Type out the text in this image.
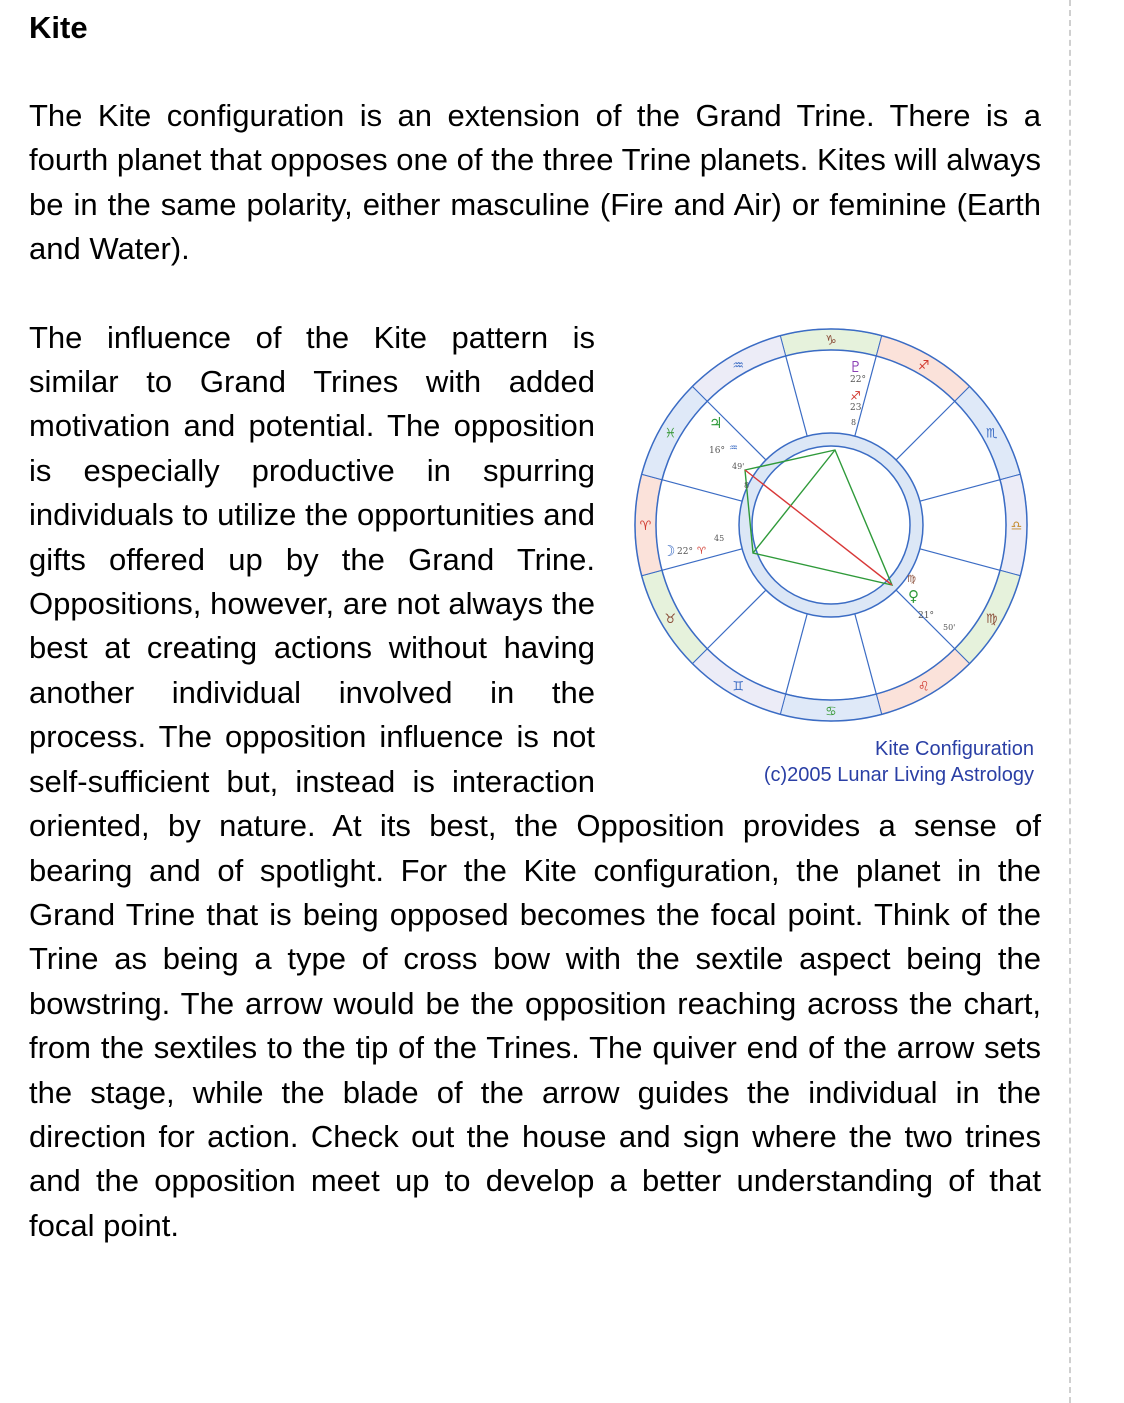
Kite

The Kite configuration is an extension of the Grand Trine. There is a fourth planet that opposes one of the three Trine planets. Kites will always be in the same polarity, either masculine (Fire and Air) or feminine (Earth and Water).

♑
♐
♏
♎
♍
♌
♋
♊
♉
♈
♓
♒	♇
22°
♐
23
8
♃
16° ♒
49'
8
☽ 22° ♈
45
♀
21°
50'
♍
Kite Configuration
(c)2005 Lunar Living Astrology

The influence of the Kite pattern is similar to Grand Trines with added motivation and potential. The opposition is especially productive in spurring individuals to utilize the opportunities and gifts offered up by the Grand Trine. Oppositions, however, are not always the best at creating actions without having another individual involved in the process. The opposition influence is not self-sufficient but, instead is interaction oriented, by nature. At its best, the Opposition provides a sense of bearing and of spotlight. For the Kite configuration, the planet in the Grand Trine that is being opposed becomes the focal point. Think of the Trine as being a type of cross bow with the sextile aspect being the bowstring. The arrow would be the opposition reaching across the chart, from the sextiles to the tip of the Trines. The quiver end of the arrow sets the stage, while the blade of the arrow guides the individual in the direction for action. Check out the house and sign where the two trines and the opposition meet up to develop a better understanding of that focal point.
